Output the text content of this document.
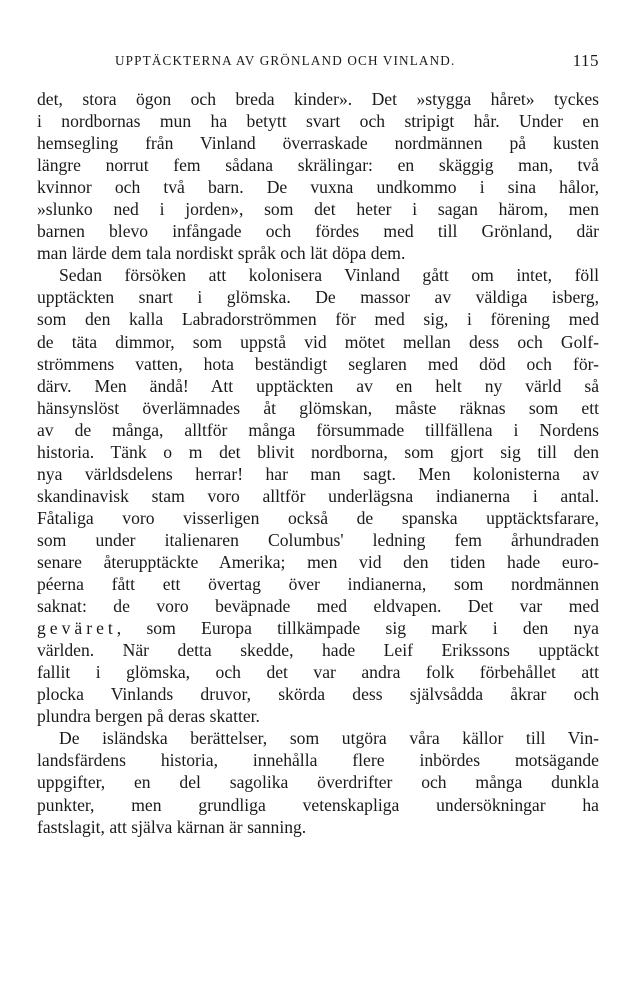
UPPTÄCKTERNA AV GRÖNLAND OCH VINLAND.	115
det, stora ögon och breda kinder». Det »stygga håret» tyckes
i nordbornas mun ha betytt svart och stripigt hår. Under en
hemsegling från Vinland överraskade nordmännen på kusten
längre norrut fem sådana skrälingar: en skäggig man, två
kvinnor och två barn. De vuxna undkommo i sina hålor,
»slunko ned i jorden», som det heter i sagan härom, men
barnen blevo infångade och fördes med till Grönland, där
man lärde dem tala nordiskt språk och lät döpa dem.
Sedan försöken att kolonisera Vinland gått om intet, föll
upptäckten snart i glömska. De massor av väldiga isberg,
som den kalla Labradorströmmen för med sig, i förening med
de täta dimmor, som uppstå vid mötet mellan dess och Golf-
strömmens vatten, hota beständigt seglaren med död och för-
därv. Men ändå! Att upptäckten av en helt ny värld så
hänsynslöst överlämnades åt glömskan, måste räknas som ett
av de många, alltför många försummade tillfällena i Nordens
historia. Tänk o m det blivit nordborna, som gjort sig till den
nya världsdelens herrar! har man sagt. Men kolonisterna av
skandinavisk stam voro alltför underlägsna indianerna i antal.
Fåtaliga voro visserligen också de spanska upptäcktsfarare,
som under italienaren Columbus' ledning fem århundraden
senare återupptäckte Amerika; men vid den tiden hade euro-
péerna fått ett övertag över indianerna, som nordmännen
saknat: de voro beväpnade med eldvapen. Det var med
geväret, som Europa tillkämpade sig mark i den nya
världen. När detta skedde, hade Leif Erikssons upptäckt
fallit i glömska, och det var andra folk förbehållet att
plocka Vinlands druvor, skörda dess självsådda åkrar och
plundra bergen på deras skatter.
De isländska berättelser, som utgöra våra källor till Vin-
landsfärdens historia, innehålla flere inbördes motsägande
uppgifter, en del sagolika överdrifter och många dunkla
punkter, men grundliga vetenskapliga undersökningar ha
fastslagit, att själva kärnan är sanning.
